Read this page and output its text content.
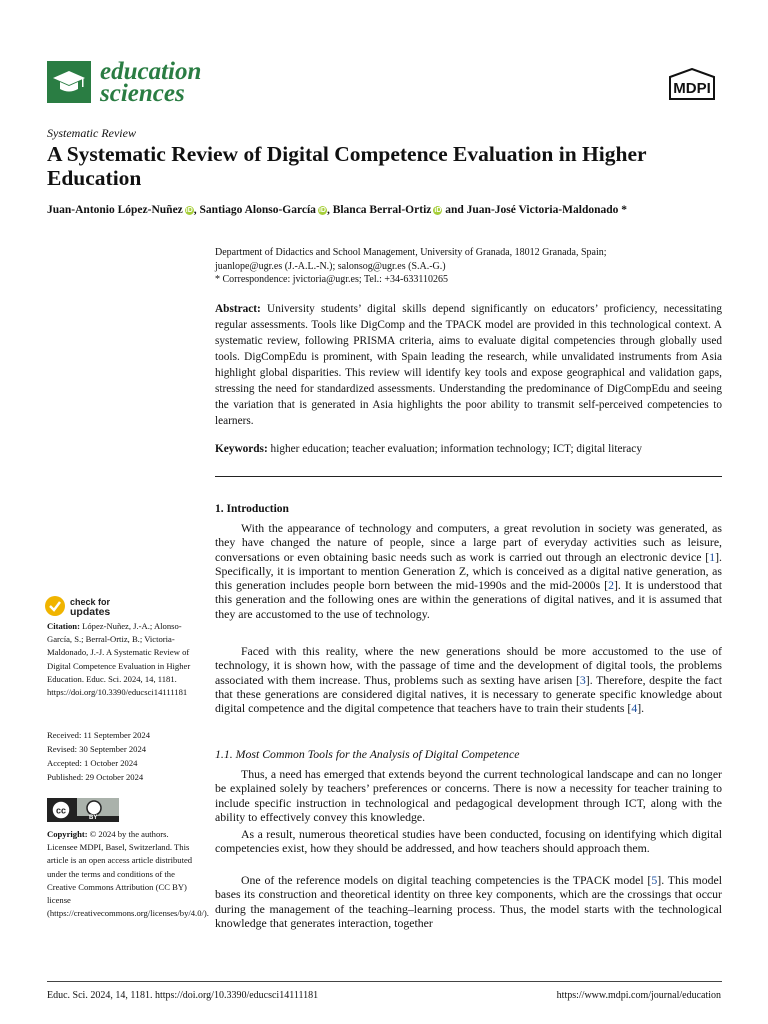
education
sciences	MDPI
Systematic Review
A Systematic Review of Digital Competence Evaluation in Higher Education
Juan-Antonio López-Nuñez iD, Santiago Alonso-García iD, Blanca Berral-Ortiz iD and Juan-José Victoria-Maldonado *
Department of Didactics and School Management, University of Granada, 18012 Granada, Spain;
juanlope@ugr.es (J.-A.L.-N.); salonsog@ugr.es (S.A.-G.)
* Correspondence: jvictoria@ugr.es; Tel.: +34-633110265
Abstract: University students’ digital skills depend significantly on educators’ proficiency, necessitating regular assessments. Tools like DigComp and the TPACK model are provided in this technological context. A systematic review, following PRISMA criteria, aims to evaluate digital competencies through globally used tools. DigCompEdu is prominent, with Spain leading the research, while unvalidated instruments from Asia highlight global disparities. This review will identify key tools and expose geographical and validation gaps, stressing the need for standardized assessments. Understanding the predominance of DigCompEdu and seeing the variation that is generated in Asia highlights the poor ability to transmit self-perceived competencies to learners.
Keywords: higher education; teacher evaluation; information technology; ICT; digital literacy
1. Introduction
With the appearance of technology and computers, a great revolution in society was generated, as they have changed the nature of people, since a large part of everyday activities such as leisure, conversations or even obtaining basic needs such as work is carried out through an electronic device [1]. Specifically, it is important to mention Generation Z, which is conceived as a digital native generation, as this generation includes people born between the mid-1990s and the mid-2000s [2]. It is understood that this generation and the following ones are within the generations of digital natives, and it is assumed that they are accustomed to the use of technology.
Faced with this reality, where the new generations should be more accustomed to the use of technology, it is shown how, with the passage of time and the development of digital tools, the problems associated with them increase. Thus, problems such as sexting have arisen [3]. Therefore, despite the fact that these generations are considered digital natives, it is necessary to generate specific knowledge about digital competence and the digital competence that teachers have to train their students [4].
1.1. Most Common Tools for the Analysis of Digital Competence
Thus, a need has emerged that extends beyond the current technological landscape and can no longer be explained solely by teachers’ preferences or concerns. There is now a necessity for teacher training to include specific instruction in technological and pedagogical development through ICT, along with the ability to effectively convey this knowledge.
As a result, numerous theoretical studies have been conducted, focusing on identifying which digital competencies exist, how they should be addressed, and how teachers should approach them.
One of the reference models on digital teaching competencies is the TPACK model [5]. This model bases its construction and theoretical identity on three key components, which are the crossings that occur during the management of the teaching–learning process. Thus, the model starts with the technological knowledge that generates interaction, together
check for
updates
Citation: López-Nuñez, J.-A.; Alonso-García, S.; Berral-Ortiz, B.; Victoria-Maldonado, J.-J. A Systematic Review of Digital Competence Evaluation in Higher Education. Educ. Sci. 2024, 14, 1181. https://doi.org/10.3390/educsci14111181
Received: 11 September 2024
Revised: 30 September 2024
Accepted: 1 October 2024
Published: 29 October 2024
cc
BY
Copyright: © 2024 by the authors. Licensee MDPI, Basel, Switzerland. This article is an open access article distributed under the terms and conditions of the Creative Commons Attribution (CC BY) license (https://creativecommons.org/licenses/by/4.0/).
Educ. Sci. 2024, 14, 1181. https://doi.org/10.3390/educsci14111181	https://www.mdpi.com/journal/education
